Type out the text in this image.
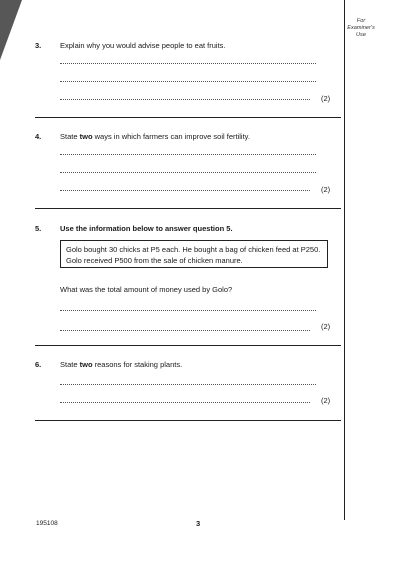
For
Examiner's
Use
3. Explain why you would advise people to eat fruits.
(2)
4. State two ways in which farmers can improve soil fertility.
(2)
5. Use the information below to answer question 5.
Golo bought 30 chicks at P5 each. He bought a bag of chicken feed at P250. Golo received P500 from the sale of chicken manure.
What was the total amount of money used by Golo?
(2)
6. State two reasons for staking plants.
(2)
195108	3
